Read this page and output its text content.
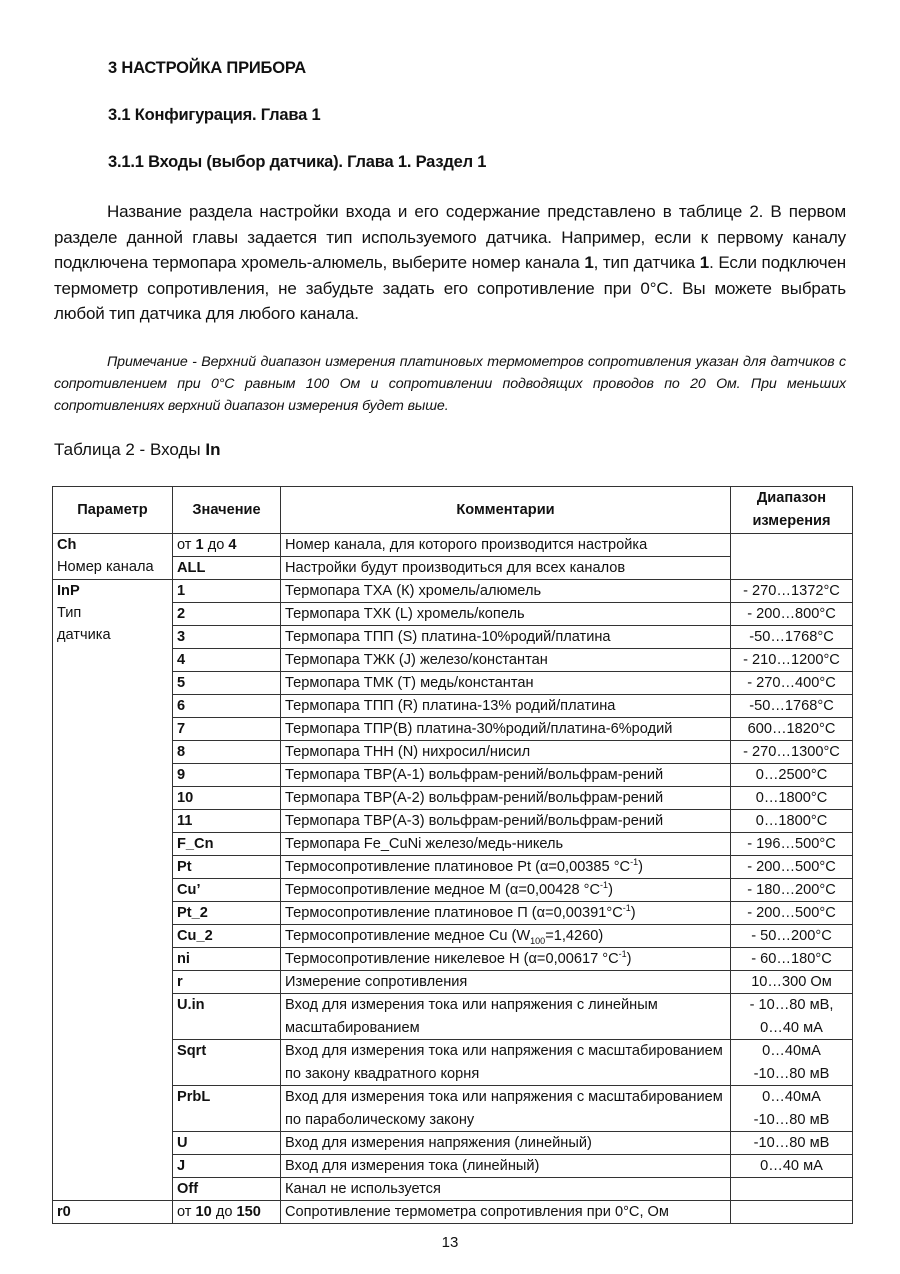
3 НАСТРОЙКА ПРИБОРА
3.1 Конфигурация. Глава 1
3.1.1 Входы (выбор датчика). Глава 1. Раздел 1
Название раздела настройки входа и его содержание представлено в таблице 2. В первом разделе данной главы задается тип используемого датчика. Например, если к первому каналу подключена термопара хромель-алюмель, выберите номер канала 1, тип датчика 1. Если подключен термометр сопротивления, не забудьте задать его сопротивление при 0°С. Вы можете выбрать любой тип датчика для любого канала.
Примечание - Верхний диапазон измерения платиновых термометров сопротивления указан для датчиков с сопротивлением при 0°С равным 100 Ом и сопротивлении подводящих проводов по 20 Ом. При меньших сопротивлениях верхний диапазон измерения будет выше.
Таблица 2 - Входы In
Параметр	Значение	Комментарии	Диапазон измерения

Ch
Номер канала	от 1 до 4	Номер канала, для которого производится настройка	
	ALL	Настройки будут производиться для всех каналов	

InP
Тип
датчика	1	Термопара ТХА (К) хромель/алюмель	- 270…1372°С
	2	Термопара ТХК (L) хромель/копель	- 200…800°С
	3	Термопара ТПП (S) платина-10%родий/платина	-50…1768°С
	4	Термопара ТЖК (J) железо/константан	- 210…1200°С
	5	Термопара ТМК (Т) медь/константан	- 270…400°С
	6	Термопара ТПП (R) платина-13% родий/платина	-50…1768°С
	7	Термопара ТПР(В) платина-30%родий/платина-6%родий	600…1820°С
	8	Термопара ТНН (N) нихросил/нисил	- 270…1300°С
	9	Термопара ТВР(А-1) вольфрам-рений/вольфрам-рений	0…2500°С
	10	Термопара ТВР(А-2) вольфрам-рений/вольфрам-рений	0…1800°С
	11	Термопара ТВР(А-3) вольфрам-рений/вольфрам-рений	0…1800°С
	F_Cn	Термопара Fe_CuNi железо/медь-никель	- 196…500°С
	Pt	Термосопротивление платиновое Pt (α=0,00385 $^\circ С^{-1}$)	- 200…500°С
	Cu’	Термосопротивление медное М (α=0,00428 $^\circ С^{-1}$)	- 180…200°С
	Pt_2	Термосопротивление платиновое П $(\alpha=0,00391^\circ С^{-1})$	- 200…500°С
	Cu_2	Термосопротивление медное Cu $(W_{100}=1,4260)$	- 50…200°С
	ni	Термосопротивление никелевое Н (α=0,00617 $^\circ С^{-1}$)	- 60…180°С
	r	Измерение сопротивления	10…300 Ом
	U.in	Вход для измерения тока или напряжения с линейным масштабированием	- 10…80 мВ,
0…40 мА

	Sqrt	Вход для измерения тока или напряжения с масштабированием по закону квадратного корня	0…40мА
-10…80 мВ

	PrbL	Вход для измерения тока или напряжения с масштабированием по параболическому закону	0…40мА
-10…80 мВ

	U	Вход для измерения напряжения (линейный)	-10…80 мВ
	J	Вход для измерения тока (линейный)	0…40 мА
	Off	Канал не используется	

r0	от 10 до 150	Сопротивление термометра сопротивления при 0°С, Ом	
13
